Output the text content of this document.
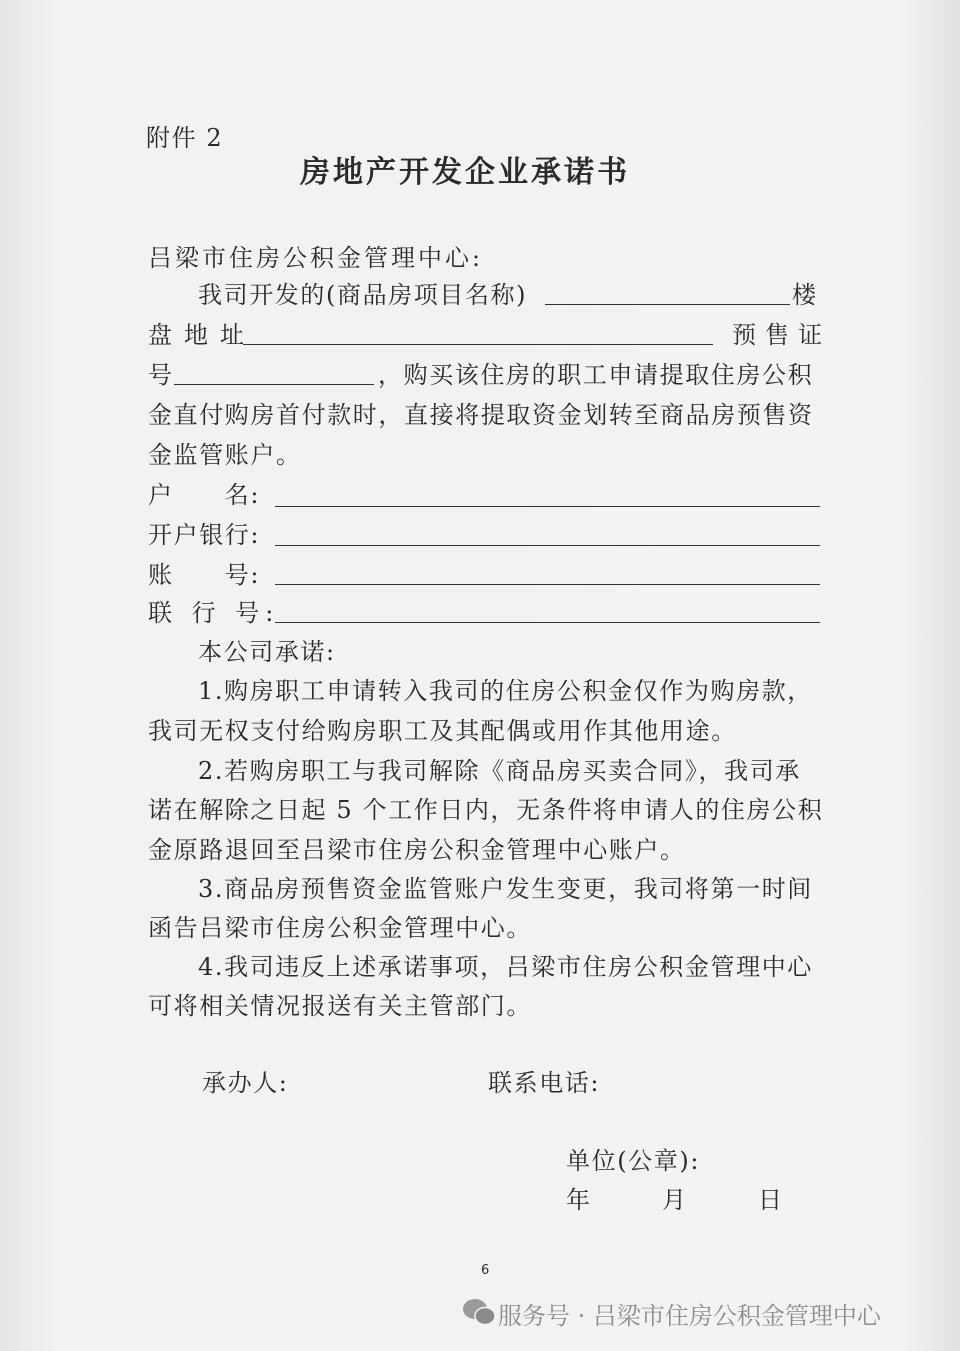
附件 2
房地产开发企业承诺书
吕梁市住房公积金管理中心:
我司开发的(商品房项目名称)	楼
盘地址	预售证
号	，购买该住房的职工申请提取住房公积
金直付购房首付款时，直接将提取资金划转至商品房预售资
金监管账户。
户　　名:
开户银行:
账　　号:
联 行 号:
本公司承诺:
1.购房职工申请转入我司的住房公积金仅作为购房款，
我司无权支付给购房职工及其配偶或用作其他用途。
2.若购房职工与我司解除《商品房买卖合同》，我司承
诺在解除之日起 5 个工作日内，无条件将申请人的住房公积
金原路退回至吕梁市住房公积金管理中心账户。
3.商品房预售资金监管账户发生变更，我司将第一时间
函告吕梁市住房公积金管理中心。
4.我司违反上述承诺事项，吕梁市住房公积金管理中心
可将相关情况报送有关主管部门。
承办人:	联系电话:
单位(公章):
年　　月　　日
6
服务号 · 吕梁市住房公积金管理中心
